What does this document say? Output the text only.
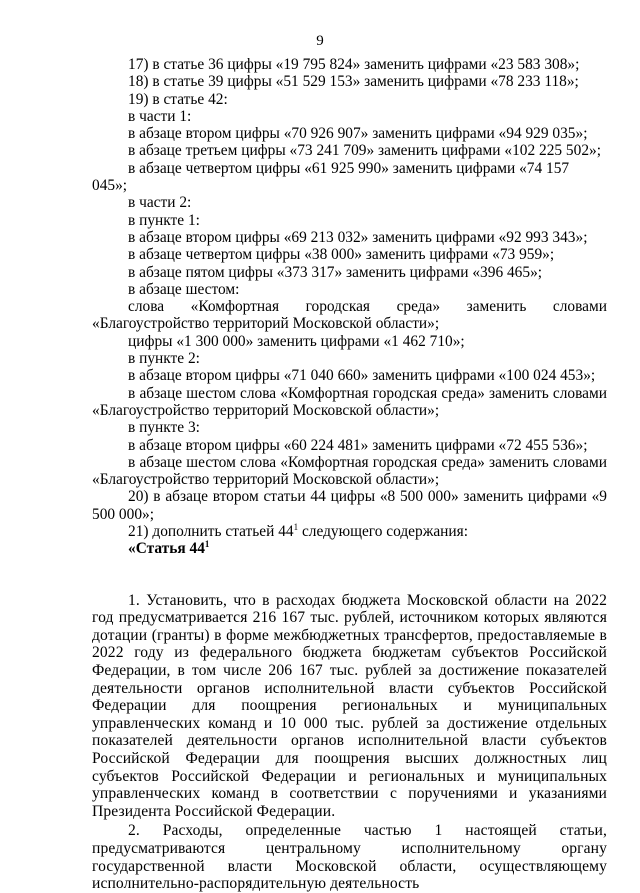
9

17) в статье 36 цифры «19 795 824» заменить цифрами «23 583 308»;

18) в статье 39 цифры «51 529 153» заменить цифрами «78 233 118»;

19) в статье 42:

в части 1:

в абзаце втором цифры «70 926 907» заменить цифрами «94 929 035»;

в абзаце третьем цифры «73 241 709» заменить цифрами «102 225 502»;

в абзаце четвертом цифры «61 925 990» заменить цифрами «74 157 045»;

в части 2:

в пункте 1:

в абзаце втором цифры «69 213 032» заменить цифрами «92 993 343»;

в абзаце четвертом цифры «38 000» заменить цифрами «73 959»;

в абзаце пятом цифры «373 317» заменить цифрами «396 465»;

в абзаце шестом:

слова «Комфортная городская среда» заменить словами «Благоустройство территорий Московской области»;

цифры «1 300 000» заменить цифрами «1 462 710»;

в пункте 2:

в абзаце втором цифры «71 040 660» заменить цифрами «100 024 453»;

в абзаце шестом слова «Комфортная городская среда» заменить словами «Благоустройство территорий Московской области»;

в пункте 3:

в абзаце втором цифры «60 224 481» заменить цифрами «72 455 536»;

в абзаце шестом слова «Комфортная городская среда» заменить словами «Благоустройство территорий Московской области»;

20) в абзаце втором статьи 44 цифры «8 500 000» заменить цифрами «9 500 000»;

21) дополнить статьей $44^1$ следующего содержания:

«Статья $44^1$

1. Установить, что в расходах бюджета Московской области на 2022 год предусматривается 216 167 тыс. рублей, источником которых являются дотации (гранты) в форме межбюджетных трансфертов, предоставляемые в 2022 году из федерального бюджета бюджетам субъектов Российской Федерации, в том числе 206 167 тыс. рублей за достижение показателей деятельности органов исполнительной власти субъектов Российской Федерации для поощрения региональных и муниципальных управленческих команд и 10 000 тыс. рублей за достижение отдельных показателей деятельности органов исполнительной власти субъектов Российской Федерации для поощрения высших должностных лиц субъектов Российской Федерации и региональных и муниципальных управленческих команд в соответствии с поручениями и указаниями Президента Российской Федерации.

2. Расходы, определенные частью 1 настоящей статьи, предусматриваются центральному исполнительному органу государственной власти Московской области, осуществляющему исполнительно-распорядительную деятельность
